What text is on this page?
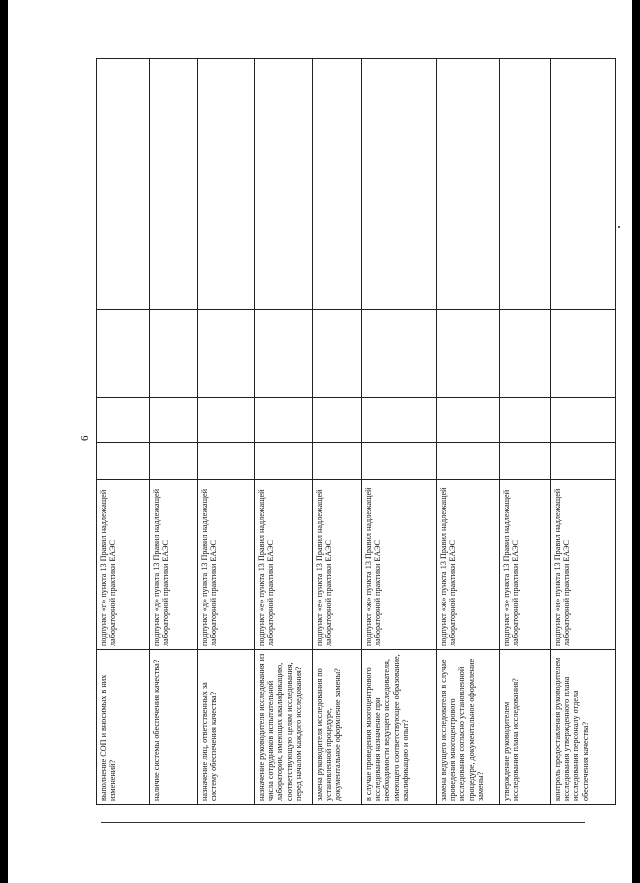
6
выполнение СОП и вносимых в них изменений?	подпункт «г» пункта 13 Правил надлежащей лабораторной практики ЕАЭС				
наличие системы обеспечения качества?	подпункт «д» пункта 13 Правил надлежащей лабораторной практики ЕАЭС				
назначение лиц, ответственных за систему обеспечения качества?	подпункт «д» пункта 13 Правил надлежащей лабораторной практики ЕАЭС				
назначение руководителя исследования из числа сотрудников испытательной лаборатории, имеющих квалификацию, соответствующую целям исследования, перед началом каждого исследования?	подпункт «е» пункта 13 Правил надлежащей лабораторной практики ЕАЭС				
замена руководителя исследования по установленной процедуре, документальное оформление замены?	подпункт «е» пункта 13 Правил надлежащей лабораторной практики ЕАЭС				
в случае проведения многоцентрового исследования назначение при необходимости ведущего исследователя, имеющего соответствующее образование, квалификацию и опыт?	подпункт «ж» пункта 13 Правил надлежащей лабораторной практики ЕАЭС				
замена ведущего исследователя в случае проведения многоцентрового исследования согласно установленной процедуре, документальное оформление замены?	подпункт «ж» пункта 13 Правил надлежащей лабораторной практики ЕАЭС				
утверждение руководителем исследования плана исследования?	подпункт «з» пункта 13 Правил надлежащей лабораторной практики ЕАЭС				
контроль предоставления руководителем исследования утвержденного плана исследования персоналу отдела обеспечения качества?	подпункт «и» пункта 13 Правил надлежащей лабораторной практики ЕАЭС				
